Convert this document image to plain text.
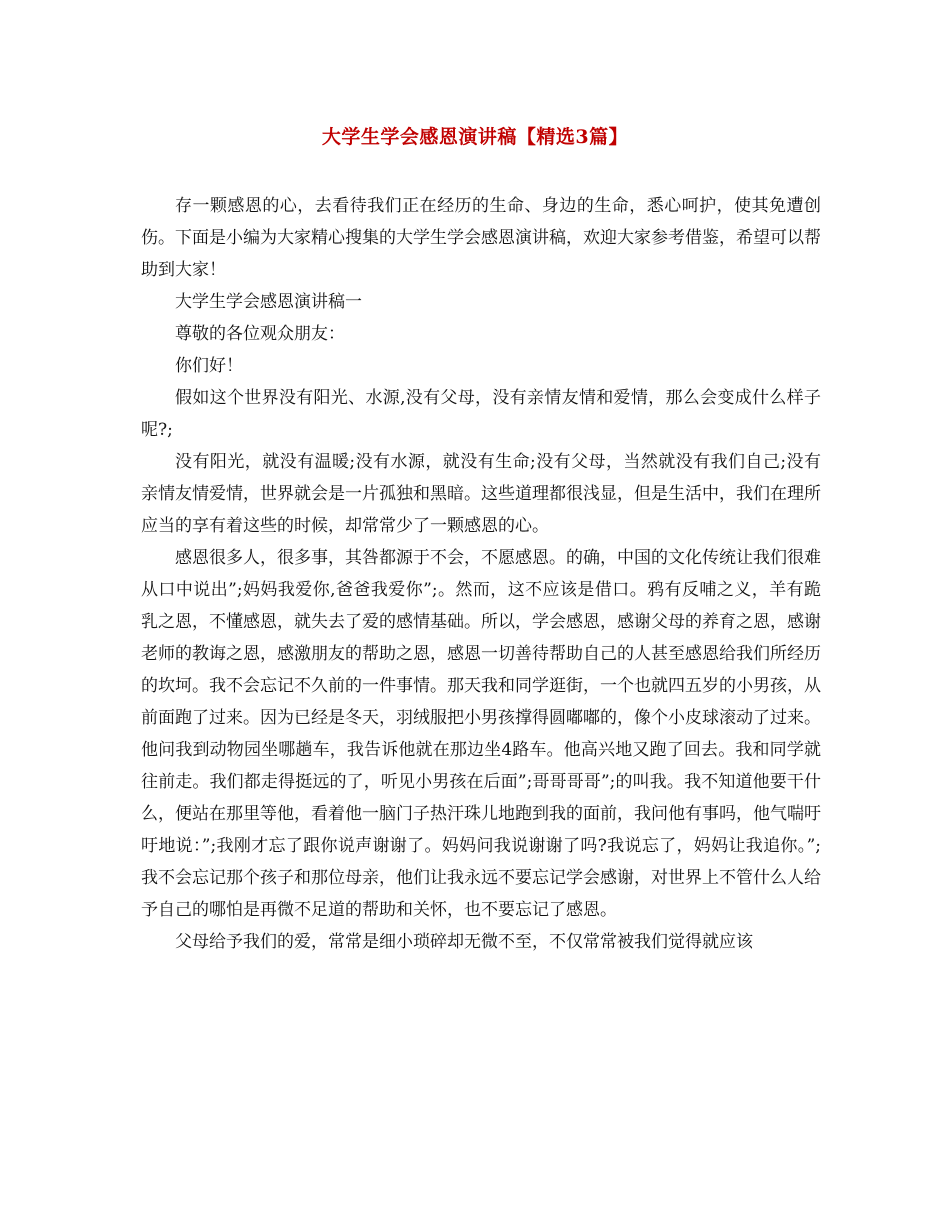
大学生学会感恩演讲稿【精选3篇】

存一颗感恩的心，去看待我们正在经历的生命、身边的生命，悉心呵护，使其免遭创伤。下面是小编为大家精心搜集的大学生学会感恩演讲稿，欢迎大家参考借鉴，希望可以帮助到大家！

大学生学会感恩演讲稿一

尊敬的各位观众朋友：

你们好！

假如这个世界没有阳光、水源,没有父母，没有亲情友情和爱情，那么会变成什么样子呢?;

没有阳光，就没有温暖;没有水源，就没有生命;没有父母，当然就没有我们自己;没有亲情友情爱情，世界就会是一片孤独和黑暗。这些道理都很浅显，但是生活中，我们在理所应当的享有着这些的时候，却常常少了一颗感恩的心。

感恩很多人，很多事，其咎都源于不会，不愿感恩。的确，中国的文化传统让我们很难从口中说出”;妈妈我爱你,爸爸我爱你”;。然而，这不应该是借口。鸦有反哺之义，羊有跪乳之恩，不懂感恩，就失去了爱的感情基础。所以，学会感恩，感谢父母的养育之恩，感谢老师的教诲之恩，感激朋友的帮助之恩，感恩一切善待帮助自己的人甚至感恩给我们所经历的坎坷。我不会忘记不久前的一件事情。那天我和同学逛街，一个也就四五岁的小男孩，从前面跑了过来。因为已经是冬天，羽绒服把小男孩撑得圆嘟嘟的，像个小皮球滚动了过来。他问我到动物园坐哪趟车，我告诉他就在那边坐4路车。他高兴地又跑了回去。我和同学就往前走。我们都走得挺远的了，听见小男孩在后面”;哥哥哥哥”;的叫我。我不知道他要干什么，便站在那里等他，看着他一脑门子热汗珠儿地跑到我的面前，我问他有事吗，他气喘吁吁地说：”;我刚才忘了跟你说声谢谢了。妈妈问我说谢谢了吗?我说忘了，妈妈让我追你。”;我不会忘记那个孩子和那位母亲，他们让我永远不要忘记学会感谢，对世界上不管什么人给予自己的哪怕是再微不足道的帮助和关怀，也不要忘记了感恩。

父母给予我们的爱，常常是细小琐碎却无微不至，不仅常常被我们觉得就应该
